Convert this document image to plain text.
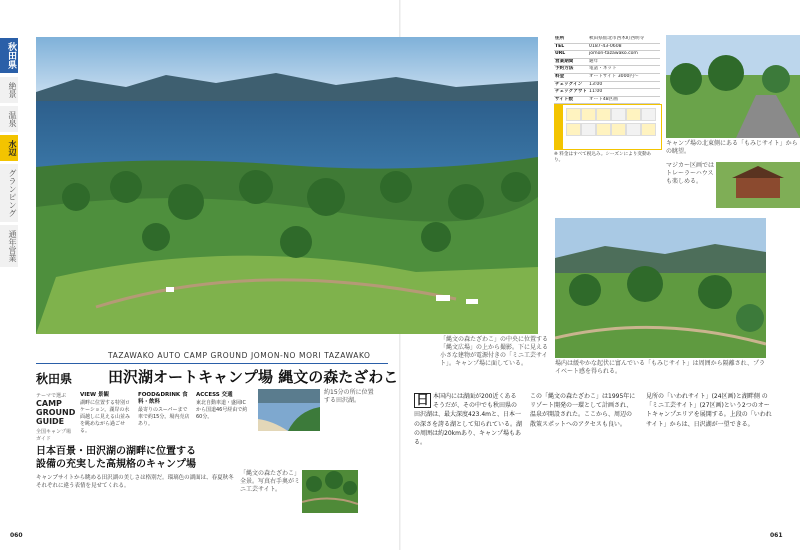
秋田県
絶景
温泉
水辺
グランピング
通年営業
「縄文の森たざわこ」の中央に位置する「縄文広場」の上から撮影。下に見える小さな建物が電源付きの「ミニ工芸サイト」。キャンプ場に面している。
TAZAWAKO AUTO CAMP GROUND JOMON-NO MORI TAZAWAKO
秋田県 田沢湖オートキャンプ場 縄文の森たざわこ
テーマで選ぶ
CAMP
GROUND
GUIDE
全国キャンプ場ガイド
VIEW 景観
湖畔に位置する特別ロケーション。湖岸の水面越しに見える山並みを眺めながら過ごせる。
FOOD&DRINK 食料・飲料
最寄りのスーパーまで車で約15分。場内売店あり。
ACCESS 交通
東北自動車道・盛岡ICから国道46号経由で約60分。
約15分の所に位置する田沢湖。
「縄文の森たざわこ」全景。写真右手奥がミニ工芸サイト。
日本百景・田沢湖の湖畔に位置する
設備の充実した高規格のキャンプ場
キャンプサイトから眺める田沢湖の美しさは格別だ。瑠璃色の湖面は、春夏秋冬それぞれに違う表情を見せてくれる。
住所	秋田県仙北市西木町西明寺
TEL	0187-43-0608
URL	jomon-tazawako.com
営業期間	通年
予約方法	電話・ネット
料金	オートサイト 3000円〜
チェックイン	13:00
チェックアウト	11:00
サイト数	オート48区画
※ 料金はすべて税込み。シーズンにより変動あり。
キャンプ場の北東側にある「もみじサイト」からの眺望。
マジカー区画ではトレーラーハウスも楽しめる。
場内は緩やかな起伏に富んでいる「もみじサイト」は周囲から隔離され、プライベート感を得られる。
日 本国内には湖面が200近くあるそうだが、その中でも秋田県の田沢湖は、最大深度423.4mと、日本一の深さを誇る湖として知られている。湖の周囲は約20kmあり、キャンプ場もある。
この「縄文の森たざわこ」は1995年にリゾート開発の一環として計画され、温泉が開設された。ここから、周辺の散策スポットへのアクセスも良い。
見所の「いわれサイト」(24区画)と湖畔側 の「ミニ工芸サイト」(27区画)という2つのオートキャンプエリアを展開する。上段の「いわれサイト」からは、日沢湖が一望できる。
060	061
